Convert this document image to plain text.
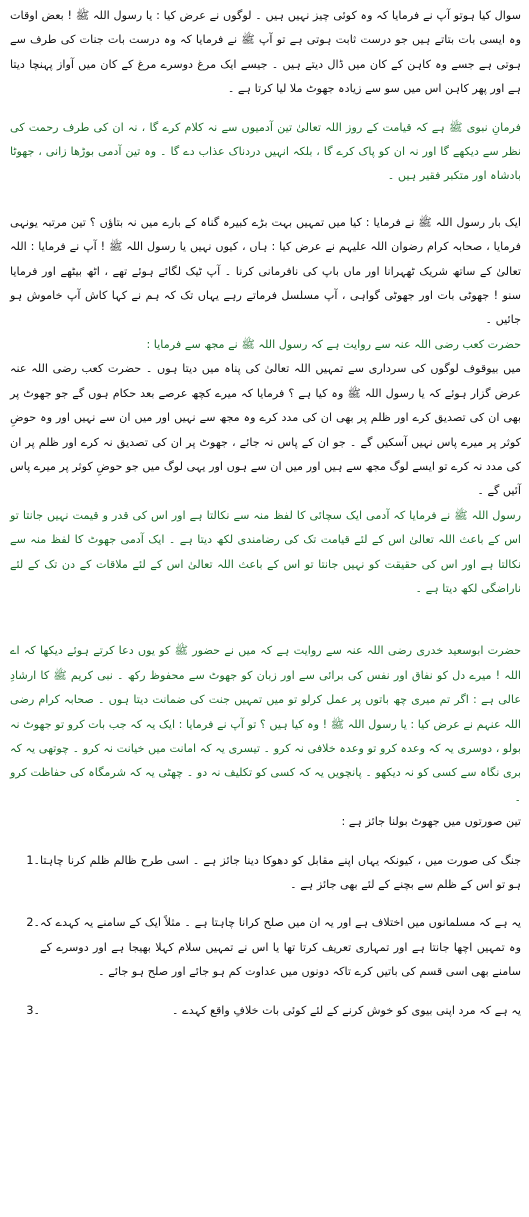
سوال کیا ہوتو آپ نے فرمایا کہ وہ کوئی چیز نہیں ہیں ۔ لوگوں نے عرض کیا : یا رسول اللہ ﷺ ! بعض اوقات وہ ایسی بات بتاتے ہیں جو درست ثابت ہوتی ہے تو آپ ﷺ نے فرمایا کہ وہ درست بات جنات کی طرف سے ہوتی ہے جسے وہ کاہن کے کان میں ڈال دیتے ہیں ۔ جیسے ایک مرغ دوسرے مرغ کے کان میں آواز پہنچا دیتا ہے اور پھر کاہن اس میں سو سے زیادہ جھوٹ ملا لیا کرتا ہے ۔

فرمانِ نبوی ﷺ ہے کہ قیامت کے روز اللہ تعالیٰ تین آدمیوں سے نہ کلام کرے گا ، نہ ان کی طرف رحمت کی نظر سے دیکھے گا اور نہ ان کو پاک کرے گا ، بلکہ انہیں دردناک عذاب دے گا ۔ وہ تین آدمی بوڑھا زانی ، جھوٹا بادشاہ اور متکبر فقیر ہیں ۔

ایک بار رسول اللہ ﷺ نے فرمایا : کیا میں تمہیں بہت بڑے کبیرہ گناہ کے بارے میں نہ بتاؤں ؟ تین مرتبہ یونہی فرمایا ، صحابہ کرام رضوان اللہ علیہم نے عرض کیا : ہاں ، کیوں نہیں یا رسول اللہ ﷺ ! آپ نے فرمایا : اللہ تعالیٰ کے ساتھ شریک ٹھہرانا اور ماں باپ کی نافرمانی کرنا ۔ آپ ٹیک لگائے ہوئے تھے ، اٹھ بیٹھے اور فرمایا سنو ! جھوٹی بات اور جھوٹی گواہی ، آپ مسلسل فرماتے رہے یہاں تک کہ ہم نے کہا کاش آپ خاموش ہو جائیں ۔

حضرت کعب رضی اللہ عنہ سے روایت ہے کہ رسول اللہ ﷺ نے مجھ سے فرمایا :

میں بیوقوف لوگوں کی سرداری سے تمہیں اللہ تعالیٰ کی پناہ میں دیتا ہوں ۔ حضرت کعب رضی اللہ عنہ عرض گزار ہوئے کہ یا رسول اللہ ﷺ وہ کیا ہے ؟ فرمایا کہ میرے کچھ عرصے بعد حکام ہوں گے جو جھوٹ پر بھی ان کی تصدیق کرے اور ظلم پر بھی ان کی مدد کرے وہ مجھ سے نہیں اور میں ان سے نہیں اور وہ حوضِ کوثر پر میرے پاس نہیں آسکیں گے ۔ جو ان کے پاس نہ جائے ، جھوٹ پر ان کی تصدیق نہ کرے اور ظلم پر ان کی مدد نہ کرے تو ایسے لوگ مجھ سے ہیں اور میں ان سے ہوں اور یہی لوگ میں جو حوضِ کوثر پر میرے پاس آئیں گے ۔

رسول اللہ ﷺ نے فرمایا کہ آدمی ایک سچائی کا لفظ منہ سے نکالتا ہے اور اس کی قدر و قیمت نہیں جانتا تو اس کے باعث اللہ تعالیٰ اس کے لئے قیامت تک کی رضامندی لکھ دیتا ہے ۔ ایک آدمی جھوٹ کا لفظ منہ سے نکالتا ہے اور اس کی حقیقت کو نہیں جانتا تو اس کے باعث اللہ تعالیٰ اس کے لئے ملاقات کے دن تک کے لئے ناراضگی لکھ دیتا ہے ۔

حضرت ابوسعید خدری رضی اللہ عنہ سے روایت ہے کہ میں نے حضور ﷺ کو یوں دعا کرتے ہوئے دیکھا کہ اے اللہ ! میرے دل کو نفاق اور نفس کی برائی سے اور زبان کو جھوٹ سے محفوظ رکھ ۔ نبی کریم ﷺ کا ارشادِ عالی ہے : اگر تم میری چھ باتوں پر عمل کرلو تو میں تمہیں جنت کی ضمانت دیتا ہوں ۔ صحابہ کرام رضی اللہ عنہم نے عرض کیا : یا رسول اللہ ﷺ ! وہ کیا ہیں ؟ تو آپ نے فرمایا : ایک یہ کہ جب بات کرو تو جھوٹ نہ بولو ، دوسری یہ کہ وعدہ کرو تو وعدہ خلافی نہ کرو ۔ تیسری یہ کہ امانت میں خیانت نہ کرو ۔ چوتھی یہ کہ بری نگاہ سے کسی کو نہ دیکھو ۔ پانچویں یہ کہ کسی کو تکلیف نہ دو ۔ چھٹی یہ کہ شرمگاہ کی حفاظت کرو ۔

تین صورتوں میں جھوٹ بولنا جائز ہے :

جنگ کی صورت میں ، کیونکہ یہاں اپنے مقابل کو دھوکا دینا جائز ہے ۔ اسی طرح ظالم ظلم کرنا چاہتا ہو تو اس کے ظلم سے بچنے کے لئے بھی جائز ہے ۔
1۔
یہ ہے کہ مسلمانوں میں اختلاف ہے اور یہ ان میں صلح کرانا چاہتا ہے ۔ مثلاً ایک کے سامنے یہ کہدے کہ وہ تمہیں اچھا جانتا ہے اور تمہاری تعریف کرتا تھا یا اس نے تمہیں سلام کہلا بھیجا ہے اور دوسرے کے سامنے بھی اسی قسم کی باتیں کرے تاکہ دونوں میں عداوت کم ہو جائے اور صلح ہو جائے ۔
2۔
یہ ہے کہ مرد اپنی بیوی کو خوش کرنے کے لئے کوئی بات خلافِ واقع کہدے ۔
3۔
